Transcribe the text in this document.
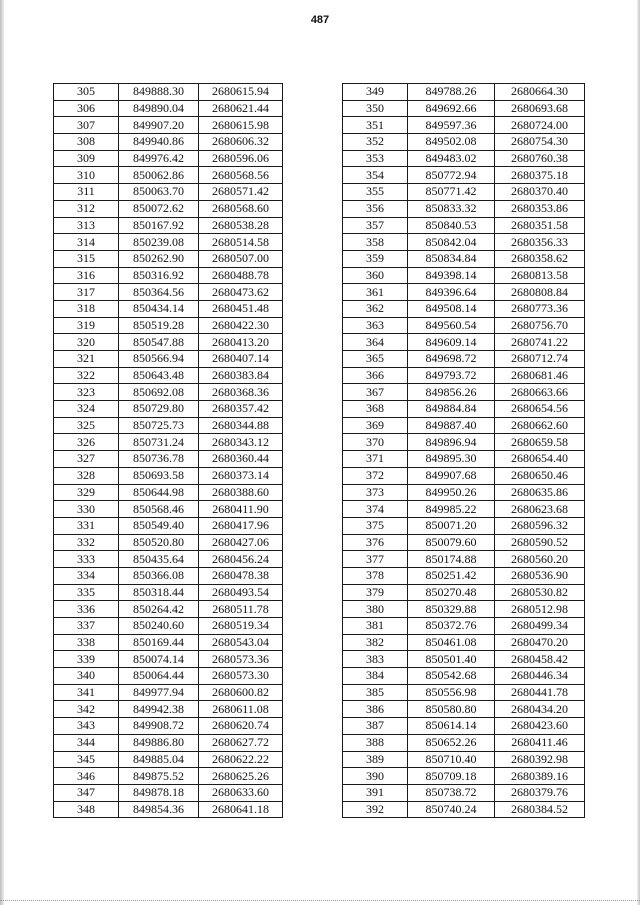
487
305	849888.30	2680615.94
306	849890.04	2680621.44
307	849907.20	2680615.98
308	849940.86	2680606.32
309	849976.42	2680596.06
310	850062.86	2680568.56
311	850063.70	2680571.42
312	850072.62	2680568.60
313	850167.92	2680538.28
314	850239.08	2680514.58
315	850262.90	2680507.00
316	850316.92	2680488.78
317	850364.56	2680473.62
318	850434.14	2680451.48
319	850519.28	2680422.30
320	850547.88	2680413.20
321	850566.94	2680407.14
322	850643.48	2680383.84
323	850692.08	2680368.36
324	850729.80	2680357.42
325	850725.73	2680344.88
326	850731.24	2680343.12
327	850736.78	2680360.44
328	850693.58	2680373.14
329	850644.98	2680388.60
330	850568.46	2680411.90
331	850549.40	2680417.96
332	850520.80	2680427.06
333	850435.64	2680456.24
334	850366.08	2680478.38
335	850318.44	2680493.54
336	850264.42	2680511.78
337	850240.60	2680519.34
338	850169.44	2680543.04
339	850074.14	2680573.36
340	850064.44	2680573.30
341	849977.94	2680600.82
342	849942.38	2680611.08
343	849908.72	2680620.74
344	849886.80	2680627.72
345	849885.04	2680622.22
346	849875.52	2680625.26
347	849878.18	2680633.60
348	849854.36	2680641.18
349	849788.26	2680664.30
350	849692.66	2680693.68
351	849597.36	2680724.00
352	849502.08	2680754.30
353	849483.02	2680760.38
354	850772.94	2680375.18
355	850771.42	2680370.40
356	850833.32	2680353.86
357	850840.53	2680351.58
358	850842.04	2680356.33
359	850834.84	2680358.62
360	849398.14	2680813.58
361	849396.64	2680808.84
362	849508.14	2680773.36
363	849560.54	2680756.70
364	849609.14	2680741.22
365	849698.72	2680712.74
366	849793.72	2680681.46
367	849856.26	2680663.66
368	849884.84	2680654.56
369	849887.40	2680662.60
370	849896.94	2680659.58
371	849895.30	2680654.40
372	849907.68	2680650.46
373	849950.26	2680635.86
374	849985.22	2680623.68
375	850071.20	2680596.32
376	850079.60	2680590.52
377	850174.88	2680560.20
378	850251.42	2680536.90
379	850270.48	2680530.82
380	850329.88	2680512.98
381	850372.76	2680499.34
382	850461.08	2680470.20
383	850501.40	2680458.42
384	850542.68	2680446.34
385	850556.98	2680441.78
386	850580.80	2680434.20
387	850614.14	2680423.60
388	850652.26	2680411.46
389	850710.40	2680392.98
390	850709.18	2680389.16
391	850738.72	2680379.76
392	850740.24	2680384.52
